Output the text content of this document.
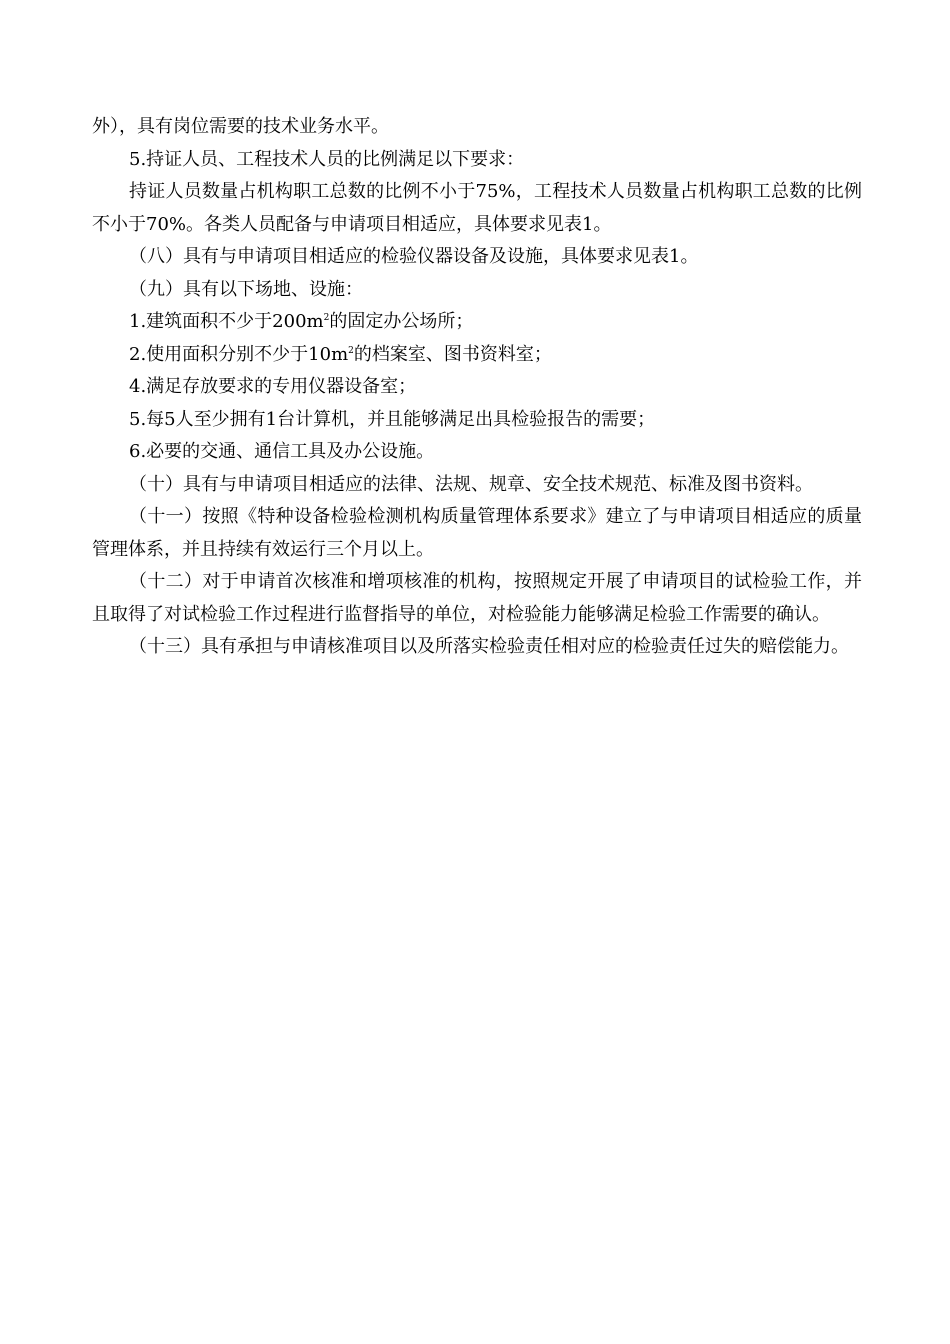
外），具有岗位需要的技术业务水平。

5.持证人员、工程技术人员的比例满足以下要求：

持证人员数量占机构职工总数的比例不小于75%，工程技术人员数量占机构职工总数的比例不小于70%。各类人员配备与申请项目相适应，具体要求见表1。

（八）具有与申请项目相适应的检验仪器设备及设施，具体要求见表1。

（九）具有以下场地、设施：

1.建筑面积不少于$200m^2$的固定办公场所；

2.使用面积分别不少于$10m^2$的档案室、图书资料室；

4.满足存放要求的专用仪器设备室；

5.每5人至少拥有1台计算机，并且能够满足出具检验报告的需要；

6.必要的交通、通信工具及办公设施。

（十）具有与申请项目相适应的法律、法规、规章、安全技术规范、标准及图书资料。

（十一）按照《特种设备检验检测机构质量管理体系要求》建立了与申请项目相适应的质量管理体系，并且持续有效运行三个月以上。

（十二）对于申请首次核准和增项核准的机构，按照规定开展了申请项目的试检验工作，并且取得了对试检验工作过程进行监督指导的单位，对检验能力能够满足检验工作需要的确认。

（十三）具有承担与申请核准项目以及所落实检验责任相对应的检验责任过失的赔偿能力。
